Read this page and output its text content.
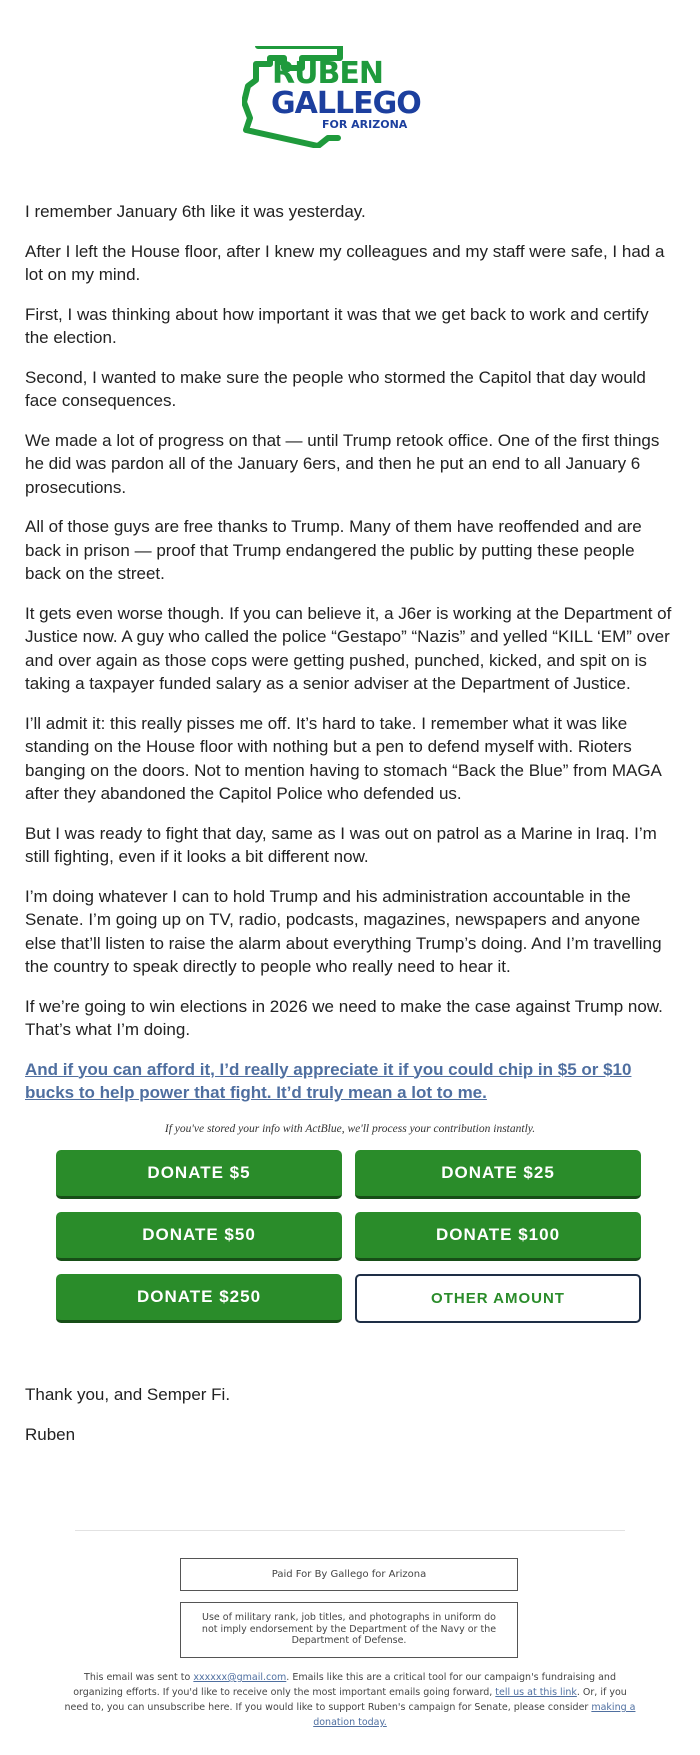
RUBEN
GALLEGO
FOR ARIZONA

I remember January 6th like it was yesterday.

After I left the House floor, after I knew my colleagues and my staff were safe, I had a lot on my mind.

First, I was thinking about how important it was that we get back to work and certify the election.

Second, I wanted to make sure the people who stormed the Capitol that day would face consequences.

We made a lot of progress on that — until Trump retook office. One of the first things he did was pardon all of the January 6ers, and then he put an end to all January 6 prosecutions.

All of those guys are free thanks to Trump. Many of them have reoffended and are back in prison — proof that Trump endangered the public by putting these people back on the street.

It gets even worse though. If you can believe it, a J6er is working at the Department of Justice now. A guy who called the police “Gestapo” “Nazis” and yelled “KILL ‘EM” over and over again as those cops were getting pushed, punched, kicked, and spit on is taking a taxpayer funded salary as a senior adviser at the Department of Justice.

I’ll admit it: this really pisses me off. It’s hard to take. I remember what it was like standing on the House floor with nothing but a pen to defend myself with. Rioters banging on the doors. Not to mention having to stomach “Back the Blue” from MAGA after they abandoned the Capitol Police who defended us.

But I was ready to fight that day, same as I was out on patrol as a Marine in Iraq. I’m still fighting, even if it looks a bit different now.

I’m doing whatever I can to hold Trump and his administration accountable in the Senate. I’m going up on TV, radio, podcasts, magazines, newspapers and anyone else that’ll listen to raise the alarm about everything Trump’s doing. And I’m travelling the country to speak directly to people who really need to hear it.

If we’re going to win elections in 2026 we need to make the case against Trump now. That’s what I’m doing.

And if you can afford it, I’d really appreciate it if you could chip in $5 or $10 bucks to help power that fight. It’d truly mean a lot to me.
If you've stored your info with ActBlue, we'll process your contribution instantly.
DONATE $5	DONATE $25
DONATE $50	DONATE $100
DONATE $250	OTHER AMOUNT

Thank you, and Semper Fi.

Ruben

Paid For By Gallego for Arizona
Use of military rank, job titles, and photographs in uniform do not imply endorsement by the Department of the Navy or the Department of Defense.
This email was sent to xxxxxx@gmail.com. Emails like this are a critical tool for our campaign's fundraising and organizing efforts. If you'd like to receive only the most important emails going forward, tell us at this link. Or, if you need to, you can unsubscribe here. If you would like to support Ruben's campaign for Senate, please consider making a donation today.
